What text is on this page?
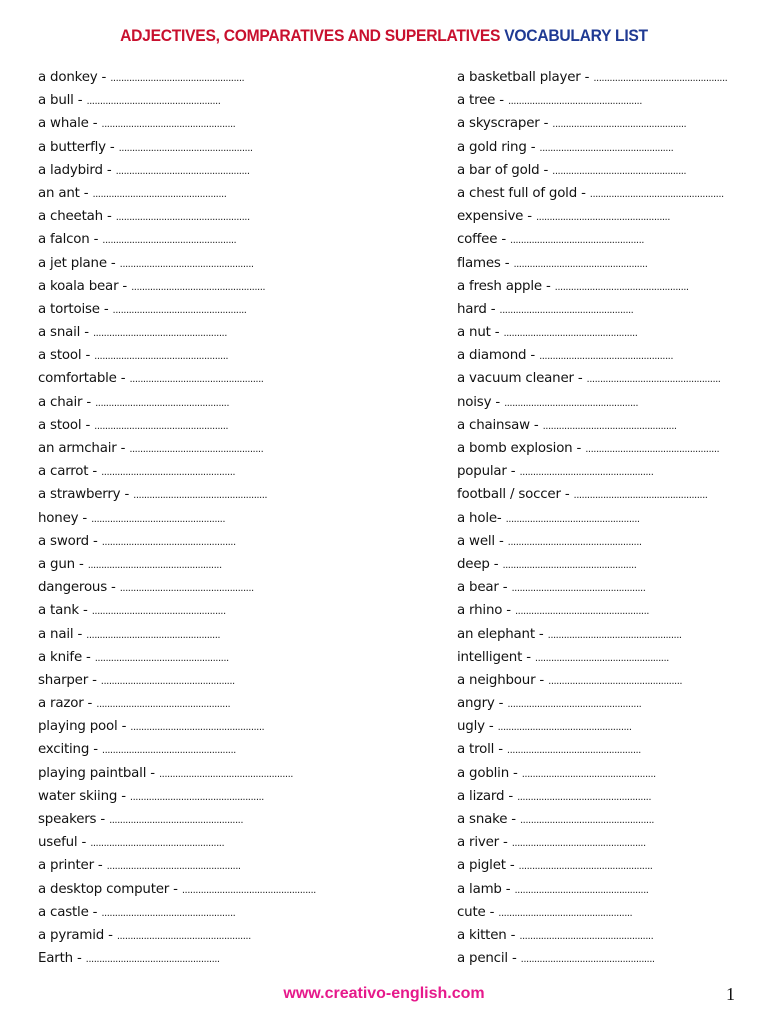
ADJECTIVES, COMPARATIVES AND SUPERLATIVES VOCABULARY LIST
a donkey - ..................................................
a bull - ..................................................
a whale - ..................................................
a butterfly - ..................................................
a ladybird - ..................................................
an ant - ..................................................
a cheetah - ..................................................
a falcon - ..................................................
a jet plane - ..................................................
a koala bear - ..................................................
a tortoise - ..................................................
a snail - ..................................................
a stool - ..................................................
comfortable - ..................................................
a chair - ..................................................
a stool - ..................................................
an armchair - ..................................................
a carrot - ..................................................
a strawberry - ..................................................
honey - ..................................................
a sword - ..................................................
a gun - ..................................................
dangerous - ..................................................
a tank - ..................................................
a nail - ..................................................
a knife - ..................................................
sharper - ..................................................
a razor - ..................................................
playing pool - ..................................................
exciting - ..................................................
playing paintball - ..................................................
water skiing - ..................................................
speakers - ..................................................
useful - ..................................................
a printer - ..................................................
a desktop computer - ..................................................
a castle - ..................................................
a pyramid - ..................................................
Earth - ..................................................
a basketball player - ..................................................
a tree - ..................................................
a skyscraper - ..................................................
a gold ring - ..................................................
a bar of gold - ..................................................
a chest full of gold - ..................................................
expensive - ..................................................
coffee - ..................................................
flames - ..................................................
a fresh apple - ..................................................
hard - ..................................................
a nut - ..................................................
a diamond - ..................................................
a vacuum cleaner - ..................................................
noisy - ..................................................
a chainsaw - ..................................................
a bomb explosion - ..................................................
popular - ..................................................
football / soccer - ..................................................
a hole- ..................................................
a well - ..................................................
deep - ..................................................
a bear - ..................................................
a rhino - ..................................................
an elephant - ..................................................
intelligent - ..................................................
a neighbour - ..................................................
angry - ..................................................
ugly - ..................................................
a troll - ..................................................
a goblin - ..................................................
a lizard - ..................................................
a snake - ..................................................
a river - ..................................................
a piglet - ..................................................
a lamb - ..................................................
cute - ..................................................
a kitten - ..................................................
a pencil - ..................................................
www.creativo-english.com	1
